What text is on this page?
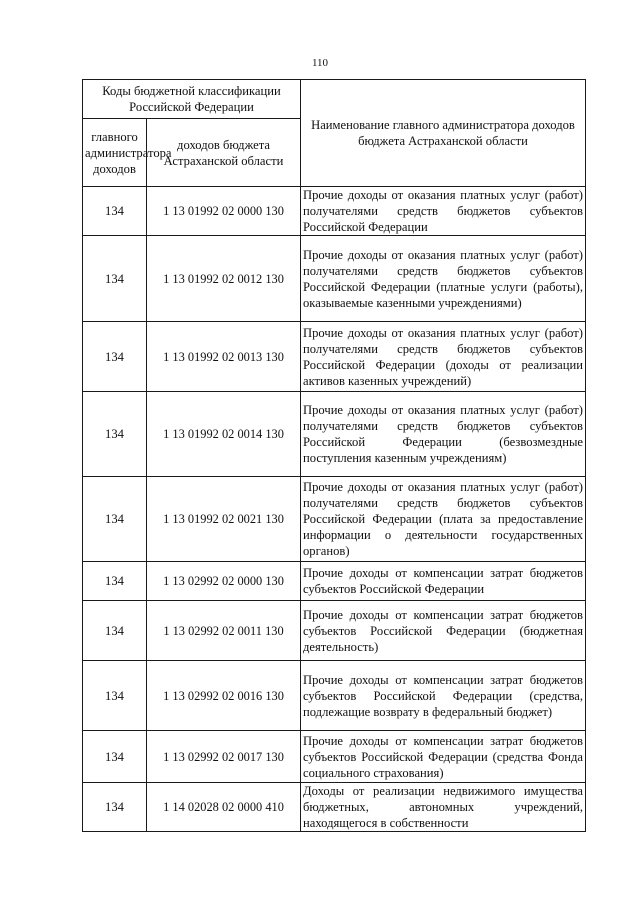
110
Коды бюджетной классификации Российской Федерации		Наименование главного администратора доходов бюджета Астраханской области
главного администратора доходов	доходов бюджета Астраханской области	
134	1 13 01992 02 0000 130	Прочие доходы от оказания платных услуг (работ) получателями средств бюджетов субъектов Российской Федерации
134	1 13 01992 02 0012 130	Прочие доходы от оказания платных услуг (работ) получателями средств бюджетов субъектов Российской Федерации (платные услуги (работы), оказываемые казенными учреждениями)
134	1 13 01992 02 0013 130	Прочие доходы от оказания платных услуг (работ) получателями средств бюджетов субъектов Российской Федерации (доходы от реализации активов казенных учреждений)
134	1 13 01992 02 0014 130	Прочие доходы от оказания платных услуг (работ) получателями средств бюджетов субъектов Российской Федерации (безвозмездные поступления казенным учреждениям)
134	1 13 01992 02 0021 130	Прочие доходы от оказания платных услуг (работ) получателями средств бюджетов субъектов Российской Федерации (плата за предоставление информации о деятельности государственных органов)
134	1 13 02992 02 0000 130	Прочие доходы от компенсации затрат бюджетов субъектов Российской Федерации
134	1 13 02992 02 0011 130	Прочие доходы от компенсации затрат бюджетов субъектов Российской Федерации (бюджетная деятельность)
134	1 13 02992 02 0016 130	Прочие доходы от компенсации затрат бюджетов субъектов Российской Федерации (средства, подлежащие возврату в федеральный бюджет)
134	1 13 02992 02 0017 130	Прочие доходы от компенсации затрат бюджетов субъектов Российской Федерации (средства Фонда социального страхования)

134	1 14 02028 02 0000 410	Доходы от реализации недвижимого имущества бюджетных, автономных учреждений, находящегося в собственности
